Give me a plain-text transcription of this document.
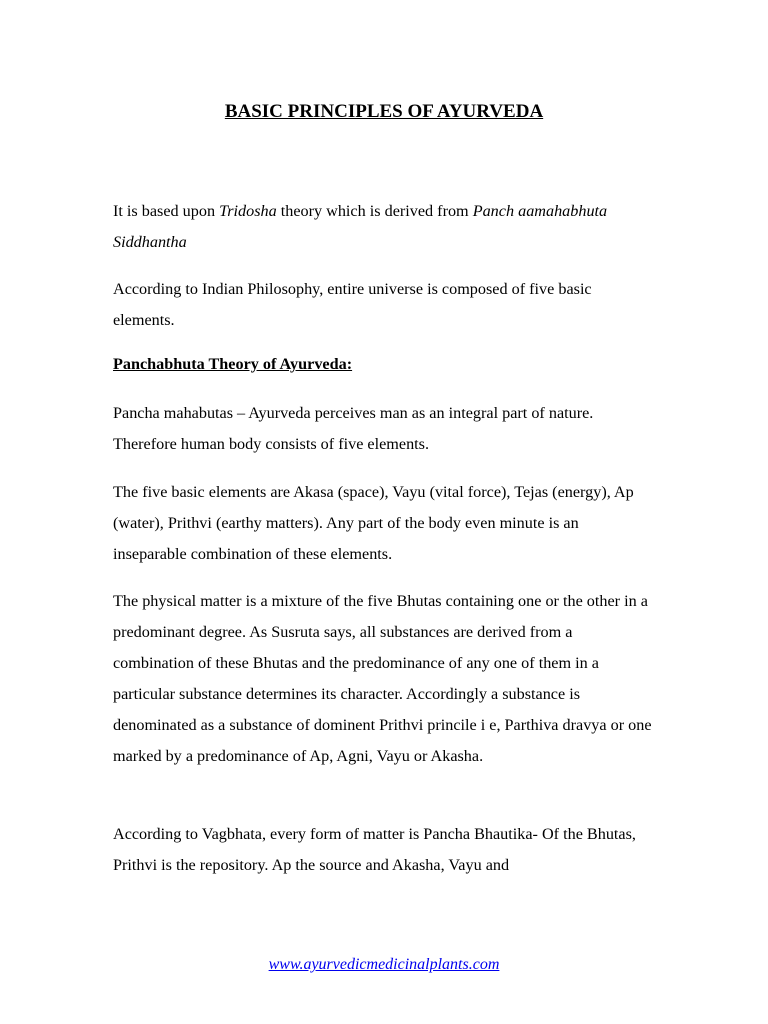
BASIC PRINCIPLES OF AYURVEDA

It is based upon Tridosha theory which is derived from Panch aamahabhuta
Siddhantha

According to Indian Philosophy, entire universe is composed of five basic elements.

Panchabhuta Theory of Ayurveda:

Pancha mahabutas – Ayurveda perceives man as an integral part of nature. Therefore human body consists of five elements.

The five basic elements are Akasa (space), Vayu (vital force), Tejas (energy), Ap (water), Prithvi (earthy matters). Any part of the body even minute is an inseparable combination of these elements.

The physical matter is a mixture of the five Bhutas containing one or the other in a predominant degree. As Susruta says, all substances are derived from a combination of these Bhutas and the predominance of any one of them in a particular substance determines its character. Accordingly a substance is denominated as a substance of dominent Prithvi princile i e, Parthiva dravya or one marked by a predominance of Ap, Agni, Vayu or Akasha.

According to Vagbhata, every form of matter is Pancha Bhautika- Of the Bhutas, Prithvi is the repository. Ap the source and Akasha, Vayu and

www.ayurvedicmedicinalplants.com
